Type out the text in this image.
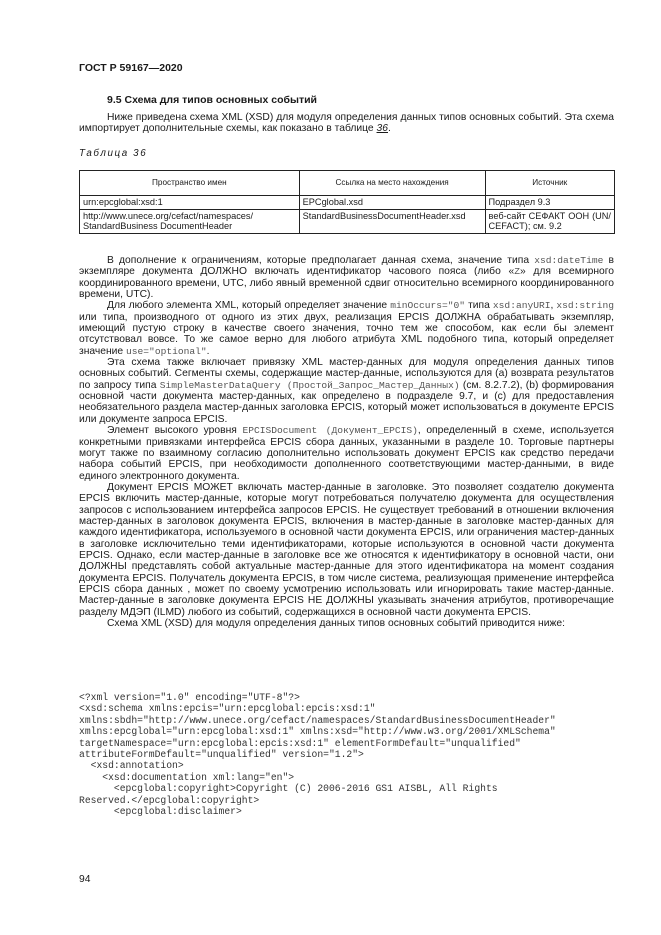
ГОСТ Р 59167—2020
9.5 Схема для типов основных событий

Ниже приведена схема XML (XSD) для модуля определения данных типов основных событий. Эта схема импортирует дополнительные схемы, как показано в таблице 36.

Таблица 36
Пространство имен	Ссылка на место нахождения	Источник
urn:epcglobal:xsd:1	EPCglobal.xsd	Подраздел 9.3
http://www.unece.org/cefact/namespaces/ StandardBusiness DocumentHeader	StandardBusinessDocumentHeader.xsd	веб-сайт СЕФАКТ ООН (UN/ CEFACT); см. 9.2

В дополнение к ограничениям, которые предполагает данная схема, значение типа xsd:dateTime в экземпляре документа ДОЛЖНО включать идентификатор часового пояса (либо «Z» для всемирного координированного времени, UTC, либо явный временной сдвиг относительно всемирного координированного времени, UTC).

Для любого элемента XML, который определяет значение minOccurs="0" типа xsd:anyURI, xsd:string или типа, производного от одного из этих двух, реализация EPCIS ДОЛЖНА обрабатывать экземпляр, имеющий пустую строку в качестве своего значения, точно тем же способом, как если бы элемент отсутствовал вовсе. То же самое верно для любого атрибута XML подобного типа, который определяет значение use="optional".

Эта схема также включает привязку XML мастер-данных для модуля определения данных типов основных событий. Сегменты схемы, содержащие мастер-данные, используются для (а) возврата результатов по запросу типа SimpleMasterDataQuery (Простой_Запрос_Мастер_Данных) (см. 8.2.7.2), (b) формирования основной части документа мастер-данных, как определено в подразделе 9.7, и (с) для предоставления необязательного раздела мастер-данных заголовка EPCIS, который может использоваться в документе EPCIS или документе запроса EPCIS.

Элемент высокого уровня EPCISDocument (Документ_EPCIS), определенный в схеме, используется конкретными привязками интерфейса EPCIS сбора данных, указанными в разделе 10. Торговые партнеры могут также по взаимному согласию дополнительно использовать документ EPCIS как средство передачи набора событий EPCIS, при необходимости дополненного соответствующими мастер-данными, в виде единого электронного документа.

Документ EPCIS МОЖЕТ включать мастер-данные в заголовке. Это позволяет создателю документа EPCIS включить мастер-данные, которые могут потребоваться получателю документа для осуществления запросов с использованием интерфейса запросов EPCIS. Не существует требований в отношении включения мастер-данных в заголовок документа EPCIS, включения в мастер-данные в заголовке мастер-данных для каждого идентификатора, используемого в основной части документа EPCIS, или ограничения мастер-данных в заголовке исключительно теми идентификаторами, которые используются в основной части документа EPCIS. Однако, если мастер-данные в заголовке все же относятся к идентификатору в основной части, они ДОЛЖНЫ представлять собой актуальные мастер-данные для этого идентификатора на момент создания документа EPCIS. Получатель документа EPCIS, в том числе система, реализующая применение интерфейса EPCIS сбора данных , может по своему усмотрению использовать или игнорировать такие мастер-данные. Мастер-данные в заголовке документа EPCIS НЕ ДОЛЖНЫ указывать значения атрибутов, противоречащие разделу МДЭП (ILMD) любого из событий, содержащихся в основной части документа EPCIS.

Схема XML (XSD) для модуля определения данных типов основных событий приводится ниже:

<?xml version="1.0" encoding="UTF-8"?>
<xsd:schema xmlns:epcis="urn:epcglobal:epcis:xsd:1"
xmlns:sbdh="http://www.unece.org/cefact/namespaces/StandardBusinessDocumentHeader"
xmlns:epcglobal="urn:epcglobal:xsd:1" xmlns:xsd="http://www.w3.org/2001/XMLSchema"
targetNamespace="urn:epcglobal:epcis:xsd:1" elementFormDefault="unqualified"
attributeFormDefault="unqualified" version="1.2">
<xsd:annotation>
<xsd:documentation xml:lang="en">
<epcglobal:copyright>Copyright (C) 2006-2016 GS1 AISBL, All Rights
Reserved.</epcglobal:copyright>
<epcglobal:disclaimer>
94
